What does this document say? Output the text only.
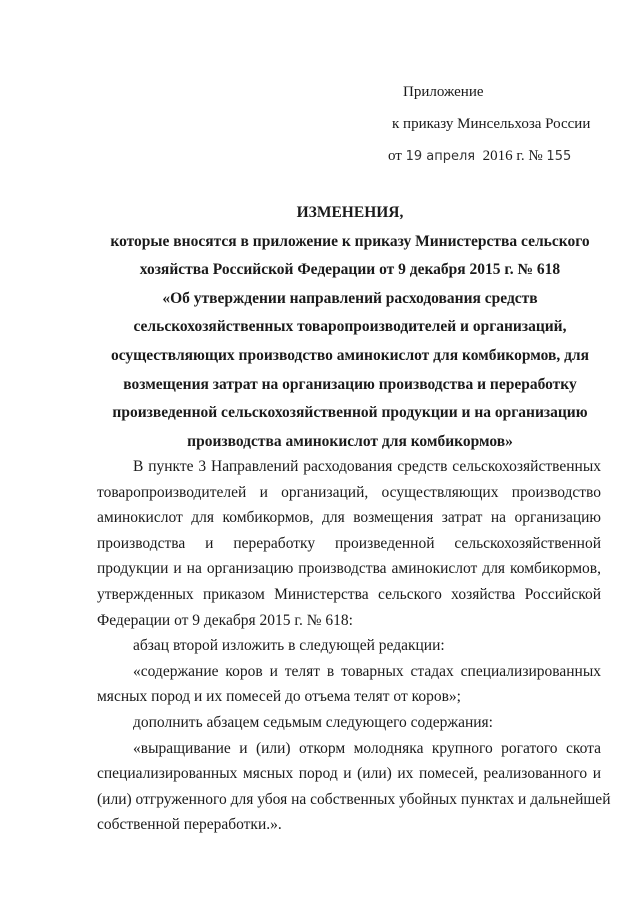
Приложение
к приказу Минсельхоза России
от 19 апреля 2016 г. № 155
ИЗМЕНЕНИЯ,
которые вносятся в приложение к приказу Министерства сельского
хозяйства Российской Федерации от 9 декабря 2015 г. № 618
«Об утверждении направлений расходования средств
сельскохозяйственных товаропроизводителей и организаций,
осуществляющих производство аминокислот для комбикормов, для
возмещения затрат на организацию производства и переработку
произведенной сельскохозяйственной продукции и на организацию
производства аминокислот для комбикормов»
В пункте 3 Направлений расходования средств сельскохозяйственных
товаропроизводителей и организаций, осуществляющих производство
аминокислот для комбикормов, для возмещения затрат на организацию
производства и переработку произведенной сельскохозяйственной
продукции и на организацию производства аминокислот для комбикормов,
утвержденных приказом Министерства сельского хозяйства Российской
Федерации от 9 декабря 2015 г. № 618:
абзац второй изложить в следующей редакции:
«содержание коров и телят в товарных стадах специализированных
мясных пород и их помесей до отъема телят от коров»;
дополнить абзацем седьмым следующего содержания:
«выращивание и (или) откорм молодняка крупного рогатого скота
специализированных мясных пород и (или) их помесей, реализованного и
(или) отгруженного для убоя на собственных убойных пунктах и дальнейшей
собственной переработки.».
